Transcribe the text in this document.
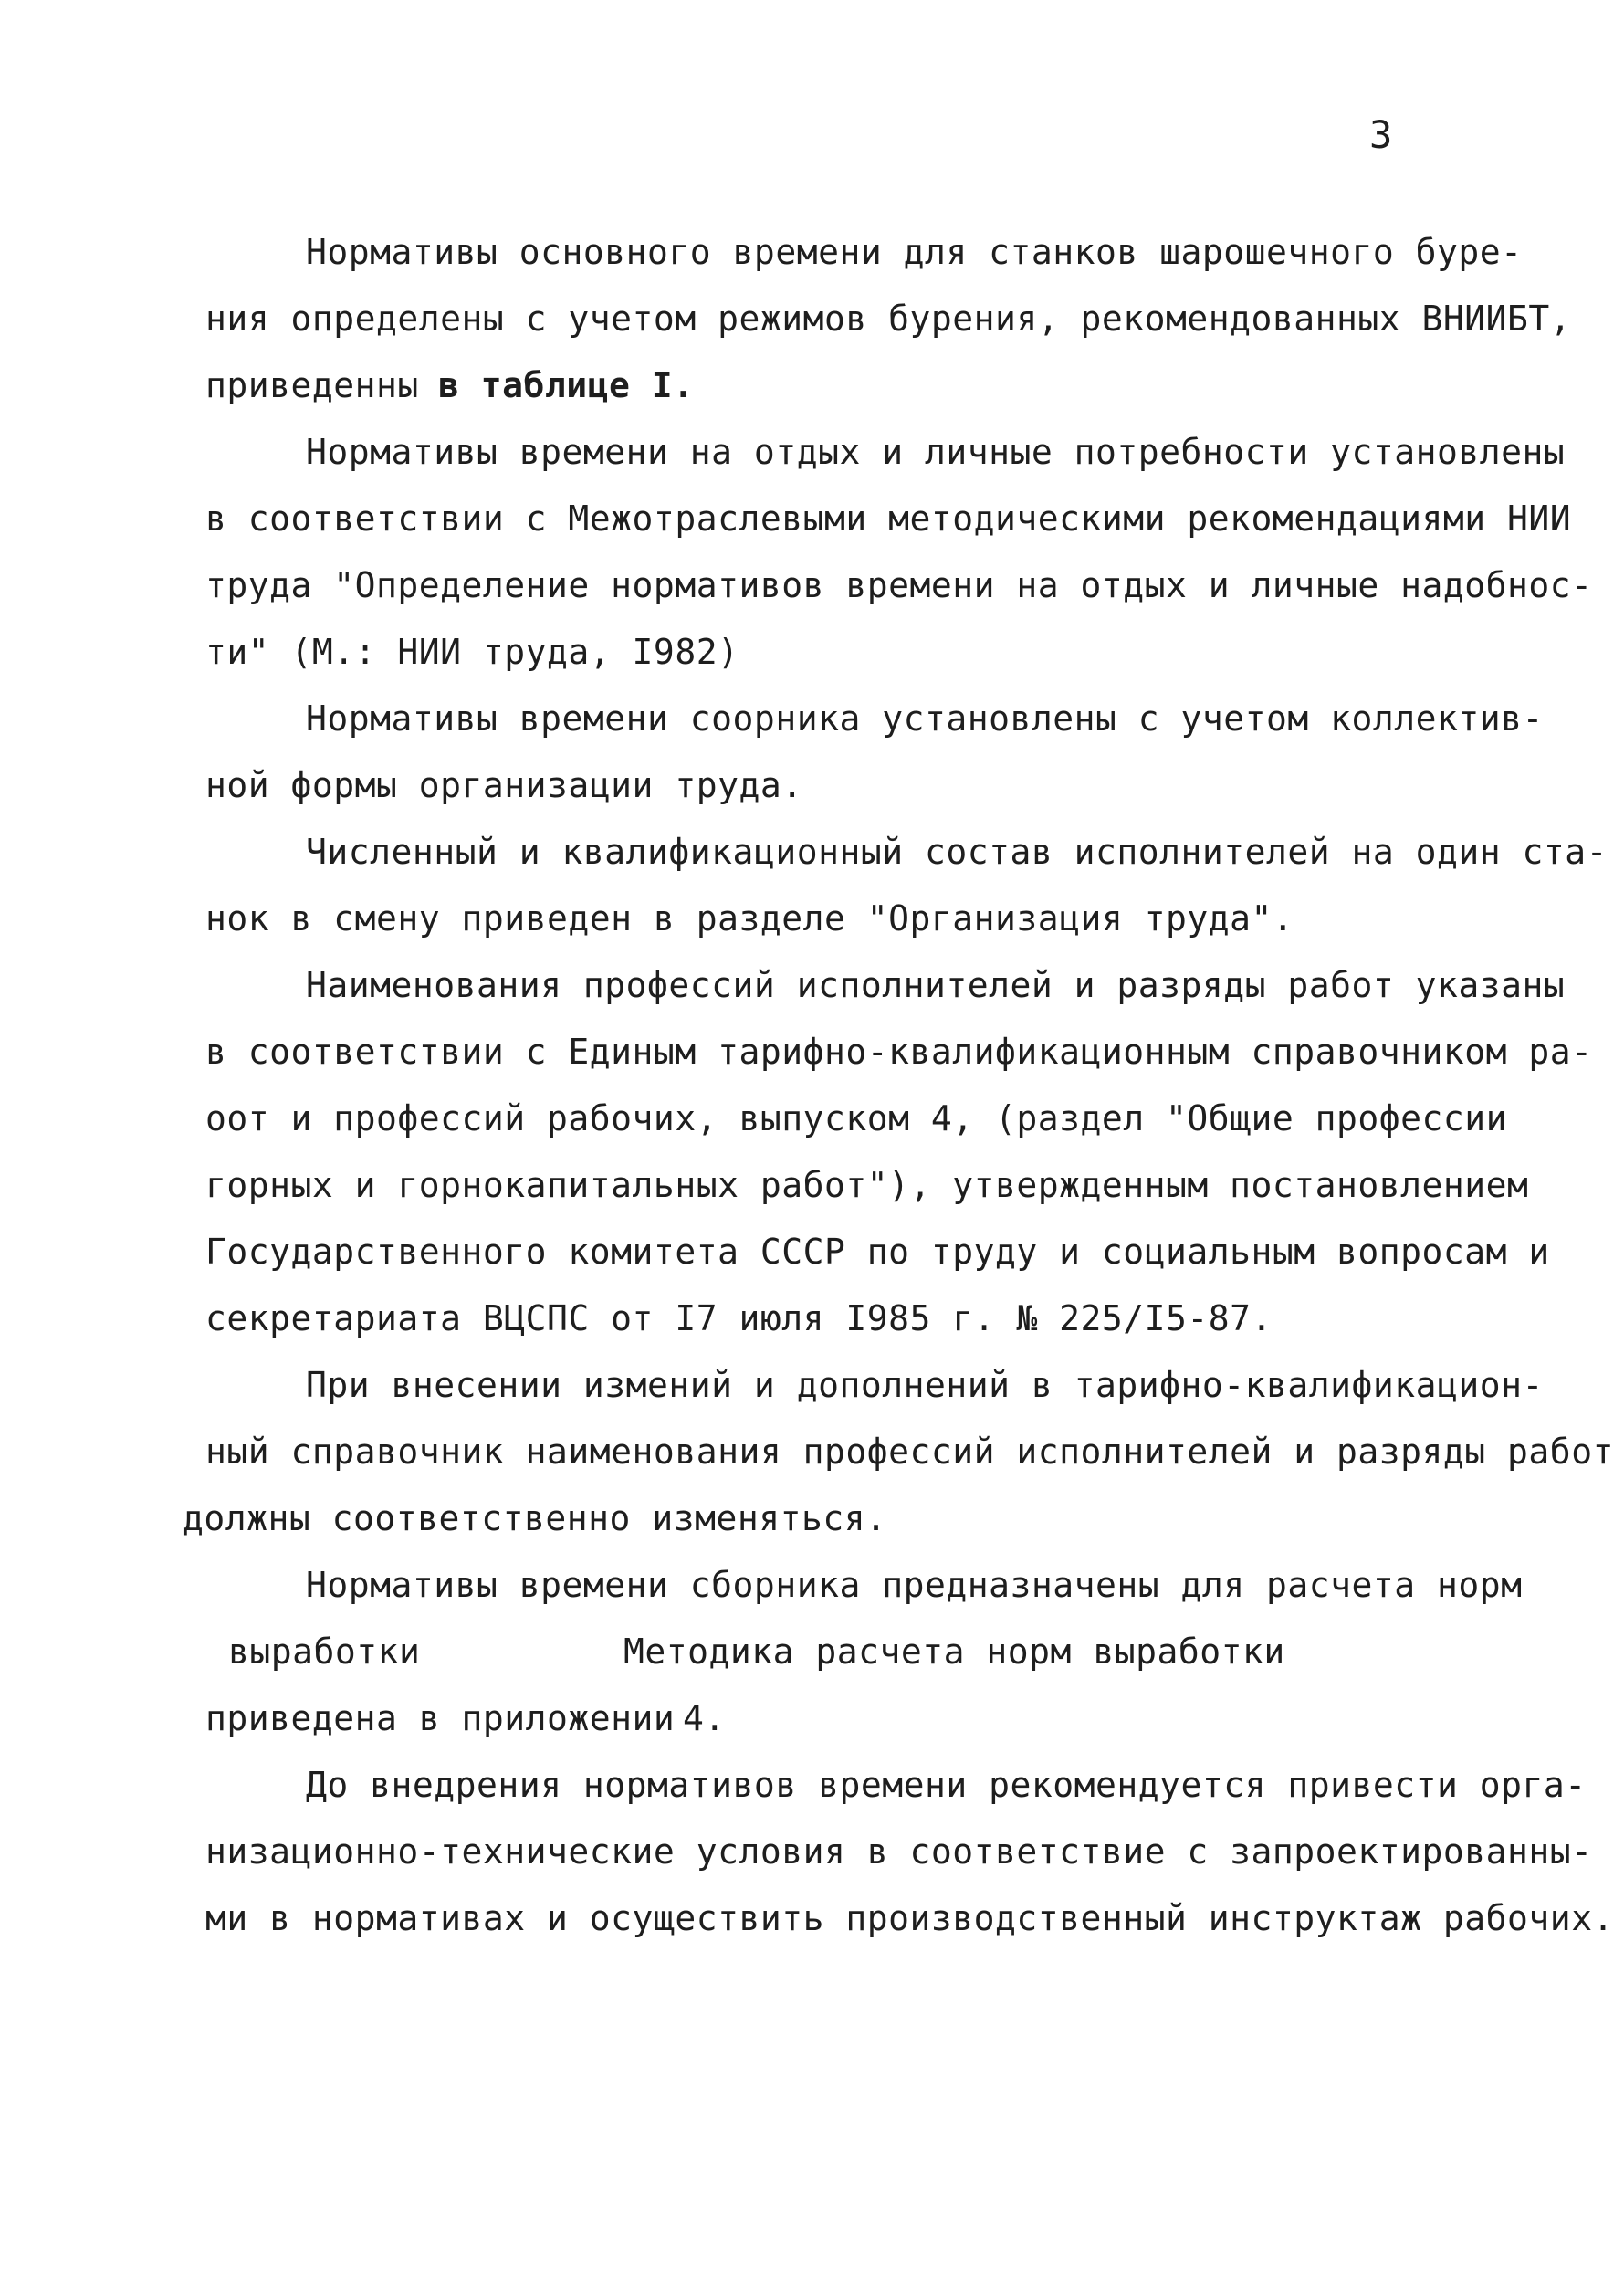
3
Нормативы основного времени для станков шарошечного буре-
ния определены с учетом режимов бурения, рекомендованных ВНИИБТ,
приведенны в таблице I.
Нормативы времени на отдых и личные потребности установлены
в соответствии с Межотраслевыми методическими рекомендациями НИИ
труда "Определение нормативов времени на отдых и личные надобнос-
ти" (М.: НИИ труда, I982)
Нормативы времени соорника установлены с учетом коллектив-
ной формы организации труда.
Численный и квалификационный состав исполнителей на один ста-
нок в смену приведен в разделе "Организация труда".
Наименования профессий исполнителей и разряды работ указаны
в соответствии с Единым тарифно-квалификационным справочником ра-
оот и профессий рабочих, выпуском 4, (раздел "Общие профессии
горных и горнокапитальных работ"), утвержденным постановлением
Государственного комитета СССР по труду и социальным вопросам и
секретариата ВЦСПС от I7 июля I985 г. № 225/I5-87.
При внесении измений и дополнений в тарифно-квалификацион-
ный справочник наименования профессий исполнителей и разряды работ
должны соответственно изменяться.
Нормативы времени сборника предназначены для расчета норм
выработки	Методика расчета норм выработки
приведена в приложении 4.
До внедрения нормативов времени рекомендуется привести орга-
низационно-технические условия в соответствие с запроектированны-
ми в нормативах и осуществить производственный инструктаж рабочих.
